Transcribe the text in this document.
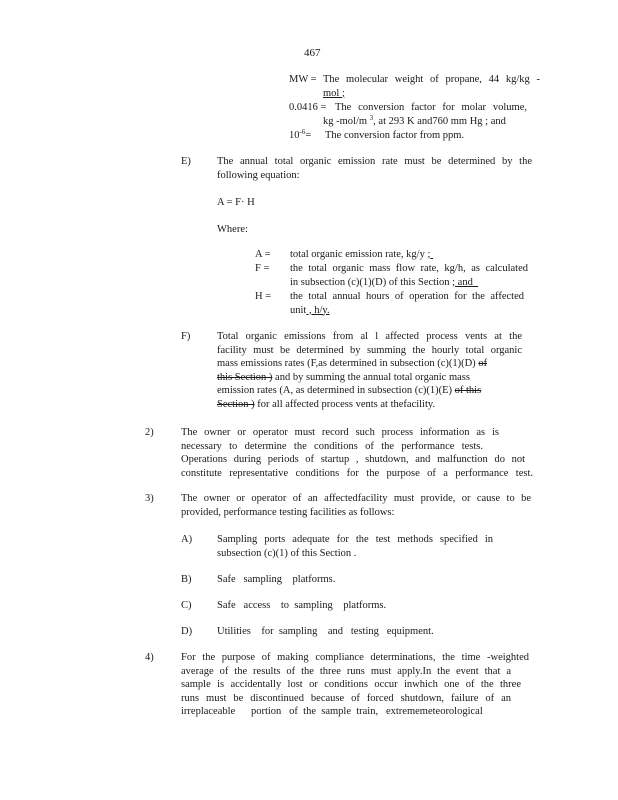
467
MW = The molecular weight of propane, 44 kg/kg -
mol ;
0.0416 = The conversion factor for molar volume,
kg -mol/m $^3$, at 293 K and760 mm Hg ; and
$10^{-6}=$ The conversion factor from ppm.
E) The annual total organic emission rate must be determined by the
following equation:
A = F· H
Where:
A = total organic emission rate, kg/y ;
F = the total organic mass flow rate, kg/h, as calculated
in subsection (c)(1)(D) of this Section ; and
H = the total annual hours of operation for the affected
unit , h/y.
F)	Total organic emissions from al l affected process vents at the
facility must be determined by summing the hourly total organic
mass emissions rates (F,as determined in subsection (c)(1)(D) of
this Section ) and by summing the annual total organic mass
emission rates (A, as determined in subsection (c)(1)(E) of this
Section ) for all affected process vents at thefacility.
2)	The owner or operator must record such process information as is
necessary to determine the conditions of the performance tests.
Operations during periods of startup , shutdown, and malfunction do not
constitute representative conditions for the purpose of a performance test.
3)	The owner or operator of an affectedfacility must provide, or cause to be
provided, performance testing facilities as follows:
A) Sampling ports adequate for the test methods specified in
subsection (c)(1) of this Section .
B) Safe   sampling    platforms.
C) Safe   access    to  sampling    platforms.
D) Utilities    for  sampling    and   testing   equipment.
4)	For the purpose of making compliance determinations, the time -weighted
average of the results of the three runs must apply.In the event that a
sample is accidentally lost or conditions occur inwhich one of the three
runs must be discontinued because of forced shutdown, failure of an
irreplaceable      portion   of  the  sample  train,   extrememeteorological
